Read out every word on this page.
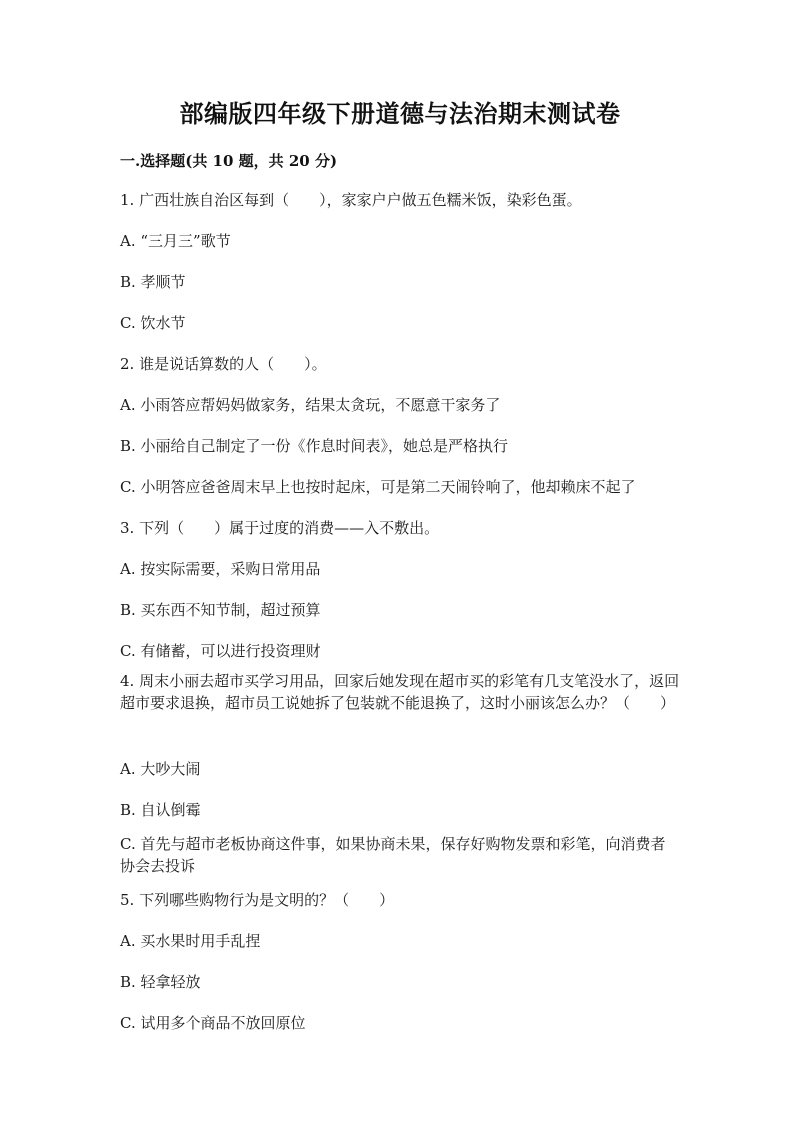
部编版四年级下册道德与法治期末测试卷
一.选择题(共 10 题，共 20 分)
1. 广西壮族自治区每到（　　），家家户户做五色糯米饭，染彩色蛋。
A. “三月三”歌节
B. 孝顺节
C. 饮水节
2. 谁是说话算数的人（　　）。
A. 小雨答应帮妈妈做家务，结果太贪玩，不愿意干家务了
B. 小丽给自己制定了一份《作息时间表》，她总是严格执行
C. 小明答应爸爸周末早上也按时起床，可是第二天闹铃响了，他却赖床不起了
3. 下列（　　）属于过度的消费——入不敷出。
A. 按实际需要，采购日常用品
B. 买东西不知节制，超过预算
C. 有储蓄，可以进行投资理财
4. 周末小丽去超市买学习用品，回家后她发现在超市买的彩笔有几支笔没水了，返回超市要求退换，超市员工说她拆了包装就不能退换了，这时小丽该怎么办？（　　）
A. 大吵大闹
B. 自认倒霉
C. 首先与超市老板协商这件事，如果协商未果，保存好购物发票和彩笔，向消费者协会去投诉
5. 下列哪些购物行为是文明的？（　　）
A. 买水果时用手乱捏
B. 轻拿轻放
C. 试用多个商品不放回原位
